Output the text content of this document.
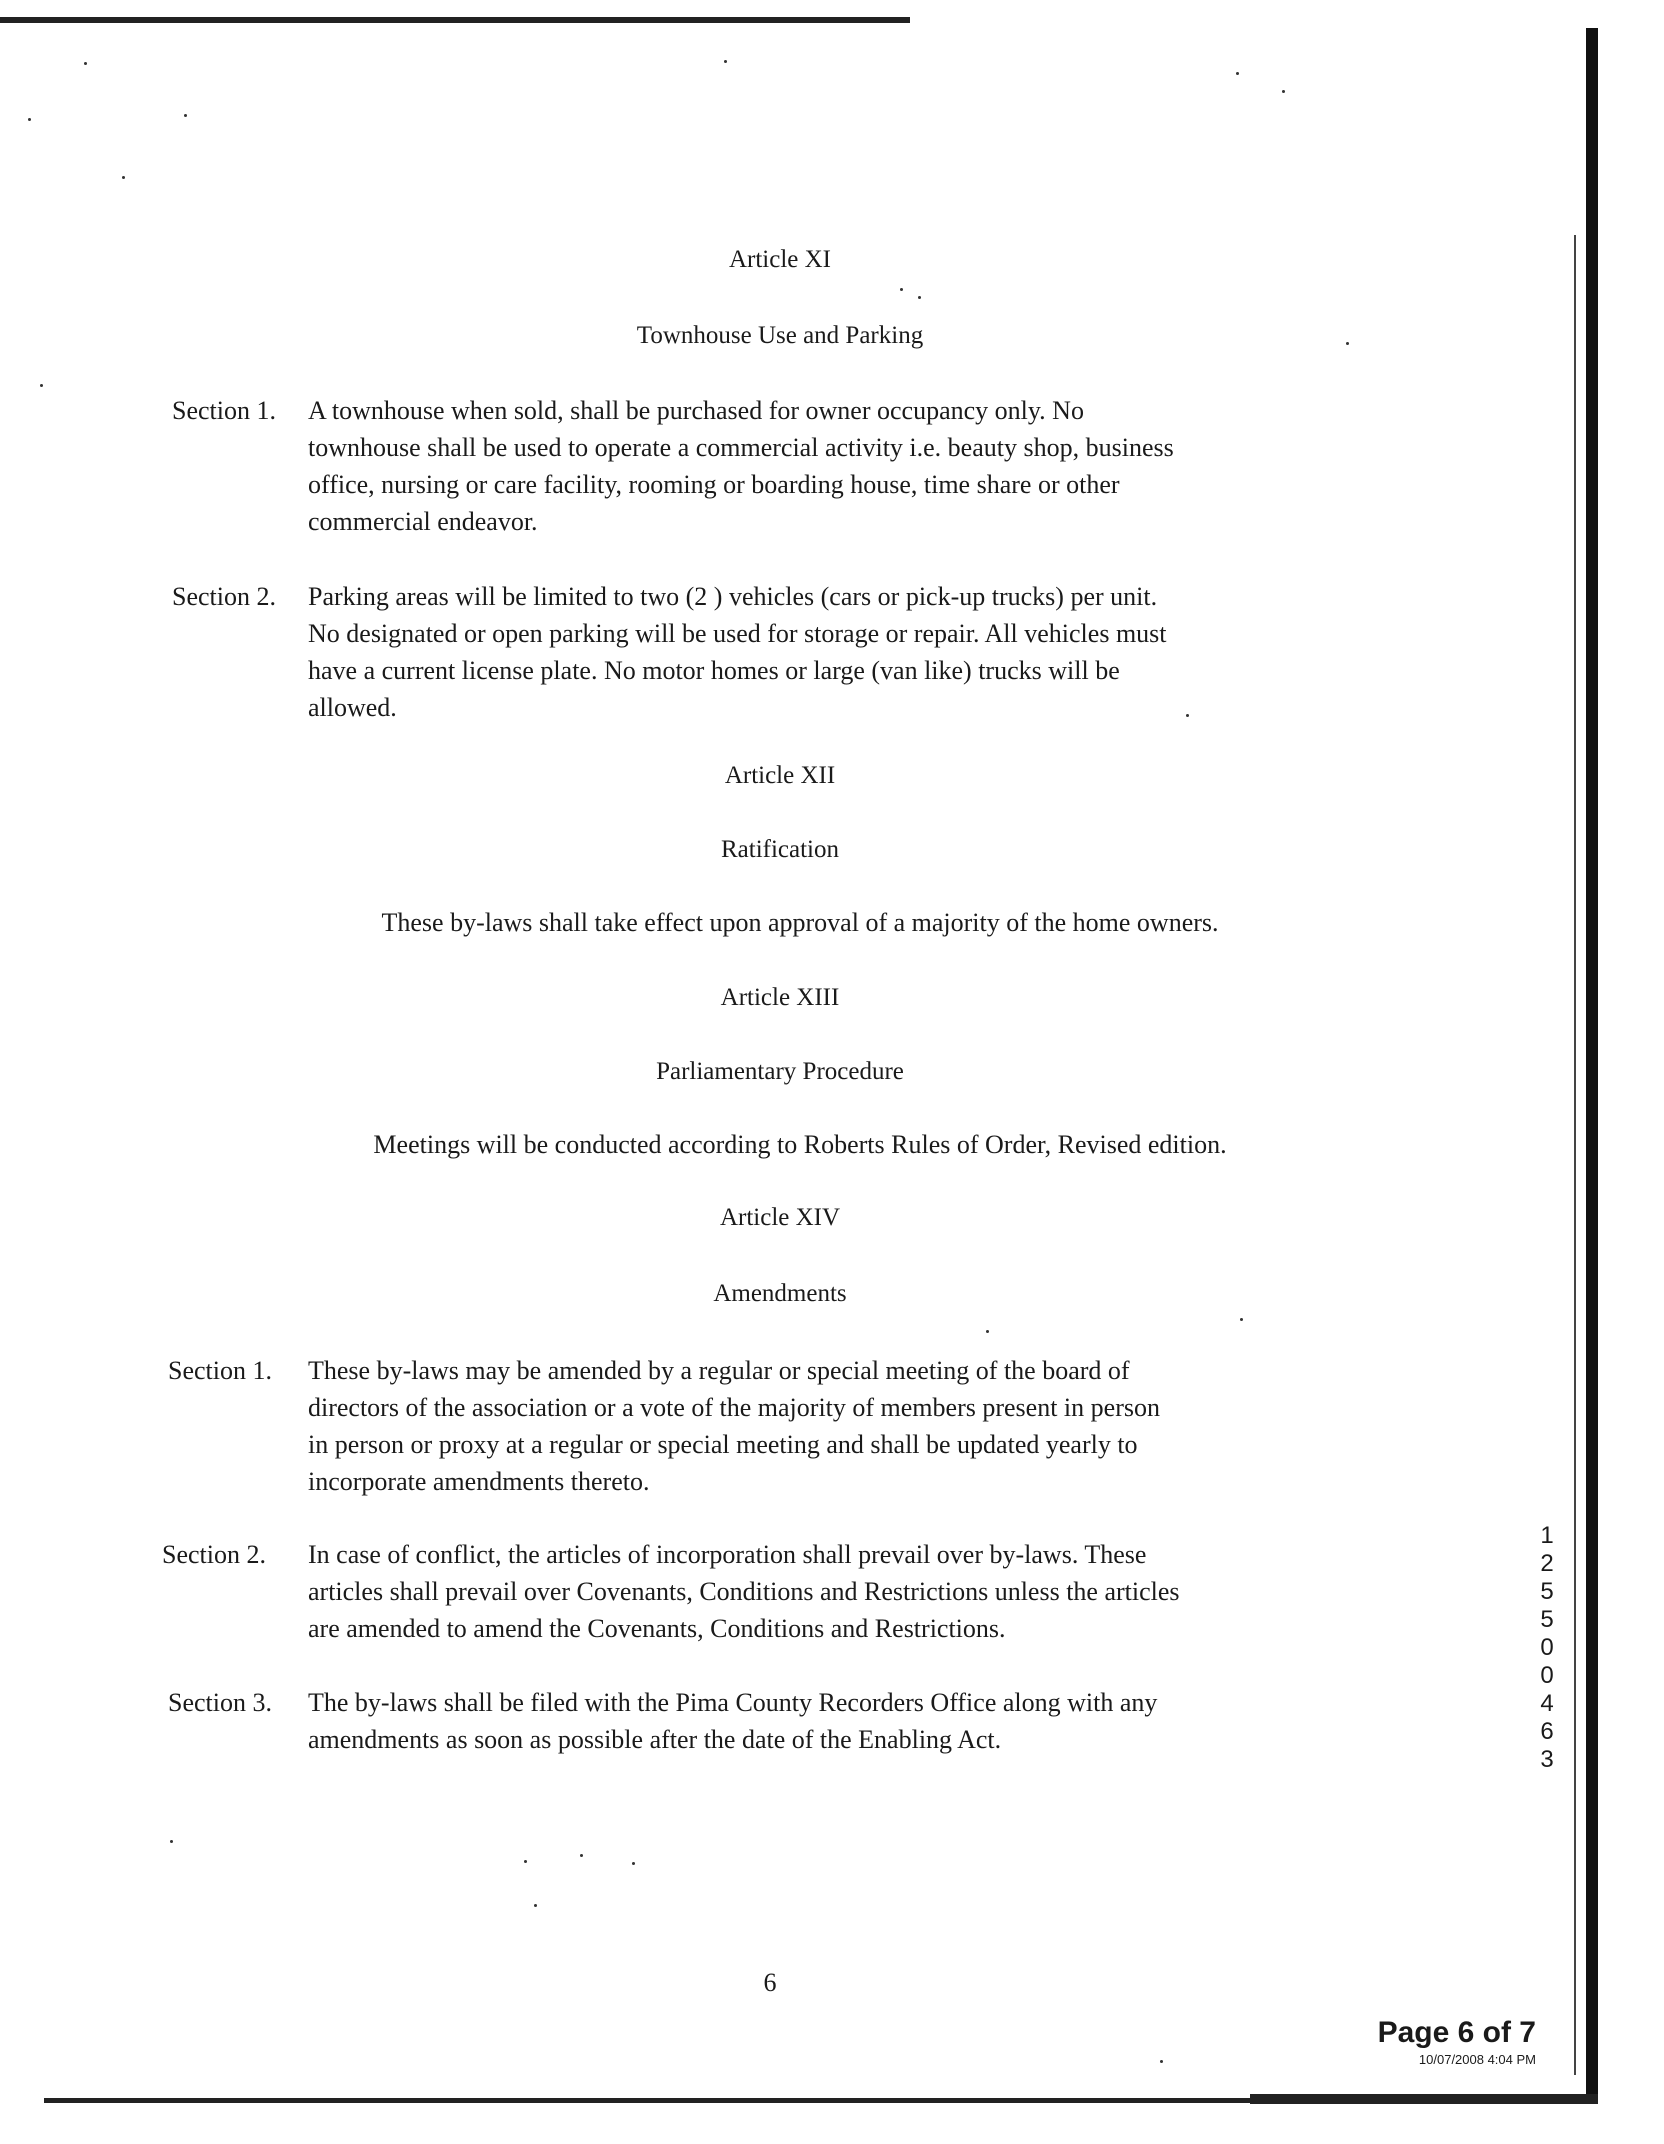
Article XI
Townhouse Use and Parking
Section 1. A townhouse when sold, shall be purchased for owner occupancy only. No
townhouse shall be used to operate a commercial activity i.e. beauty shop, business
office, nursing or care facility, rooming or boarding house, time share or other
commercial endeavor.
Section 2. Parking areas will be limited to two (2 ) vehicles (cars or pick-up trucks) per unit.
No designated or open parking will be used for storage or repair. All vehicles must
have a current license plate. No motor homes or large (van like) trucks will be
allowed.
Article XII
Ratification
These by-laws shall take effect upon approval of a majority of the home owners.
Article XIII
Parliamentary Procedure
Meetings will be conducted according to Roberts Rules of Order, Revised edition.
Article XIV
Amendments
Section 1. These by-laws may be amended by a regular or special meeting of the board of
directors of the association or a vote of the majority of members present in person
in person or proxy at a regular or special meeting and shall be updated yearly to
incorporate amendments thereto.
Section 2. In case of conflict, the articles of incorporation shall prevail over by-laws. These
articles shall prevail over Covenants, Conditions and Restrictions unless the articles
are amended to amend the Covenants, Conditions and Restrictions.
Section 3. The by-laws shall be filed with the Pima County Recorders Office along with any
amendments as soon as possible after the date of the Enabling Act.
12550 0463
6
Page 6 of 7
10/07/2008 4:04 PM
